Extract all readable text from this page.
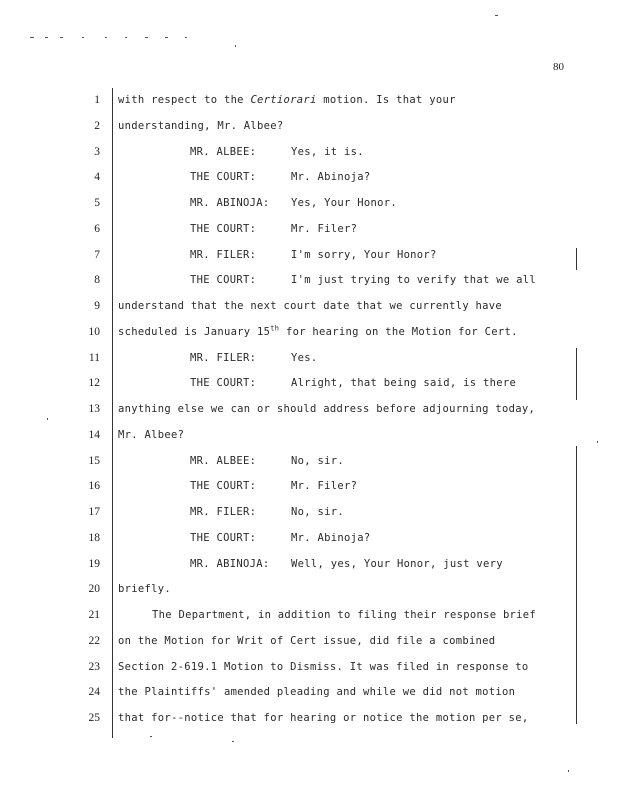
80
1 with respect to the Certiorari motion. Is that your
2 understanding, Mr. Albee?
3	MR. ALBEE:	Yes, it is.
4	THE COURT:	Mr. Abinoja?
5	MR. ABINOJA: Yes, Your Honor.
6	THE COURT:	Mr. Filer?
7	MR. FILER:	I'm sorry, Your Honor?
8	THE COURT:	I'm just trying to verify that we all
9 understand that the next court date that we currently have
10 scheduled is January 15th for hearing on the Motion for Cert.
11	MR. FILER:	Yes.
12	THE COURT:	Alright, that being said, is there
13 anything else we can or should address before adjourning today,
14 Mr. Albee?
15	MR. ALBEE:	No, sir.
16	THE COURT:	Mr. Filer?
17	MR. FILER:	No, sir.
18	THE COURT:	Mr. Abinoja?
19	MR. ABINOJA: Well, yes, Your Honor, just very
20 briefly.
21	The Department, in addition to filing their response brief
22 on the Motion for Writ of Cert issue, did file a combined
23 Section 2-619.1 Motion to Dismiss. It was filed in response to
24 the Plaintiffs' amended pleading and while we did not motion
25 that for--notice that for hearing or notice the motion per se,
